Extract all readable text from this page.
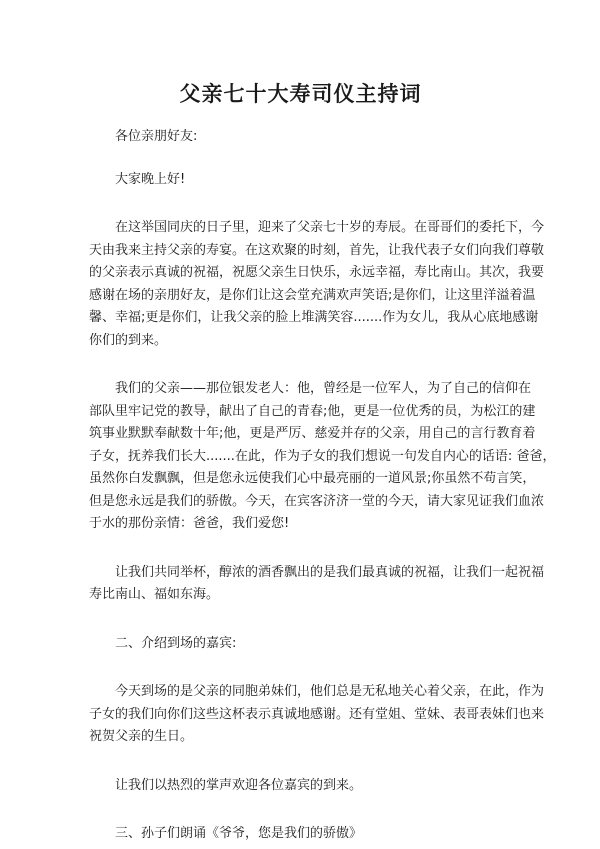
父亲七十大寿司仪主持词

各位亲朋好友:

大家晚上好!

在这举国同庆的日子里，迎来了父亲七十岁的寿辰。在哥哥们的委托下，今

天由我来主持父亲的寿宴。在这欢聚的时刻，首先，让我代表子女们向我们尊敬

的父亲表示真诚的祝福，祝愿父亲生日快乐，永远幸福，寿比南山。其次，我要

感谢在场的亲朋好友，是你们让这会堂充满欢声笑语;是你们，让这里洋溢着温

馨、幸福;更是你们，让我父亲的脸上堆满笑容.......作为女儿，我从心底地感谢

你们的到来。

我们的父亲——那位银发老人：他，曾经是一位军人，为了自己的信仰在

部队里牢记党的教导，献出了自己的青春;他，更是一位优秀的员，为松江的建

筑事业默默奉献数十年;他，更是严厉、慈爱并存的父亲，用自己的言行教育着

子女，抚养我们长大.......在此，作为子女的我们想说一句发自内心的话语: 爸爸，

虽然你白发飘飘，但是您永远使我们心中最亮丽的一道风景;你虽然不苟言笑，

但是您永远是我们的骄傲。今天，在宾客济济一堂的今天，请大家见证我们血浓

于水的那份亲情：爸爸，我们爱您!

让我们共同举杯，醇浓的酒香飘出的是我们最真诚的祝福，让我们一起祝福

寿比南山、福如东海。

二、介绍到场的嘉宾:

今天到场的是父亲的同胞弟妹们，他们总是无私地关心着父亲，在此，作为

子女的我们向你们这些这杯表示真诚地感谢。还有堂姐、堂妹、表哥表妹们也来

祝贺父亲的生日。

让我们以热烈的掌声欢迎各位嘉宾的到来。

三、孙子们朗诵《爷爷，您是我们的骄傲》
